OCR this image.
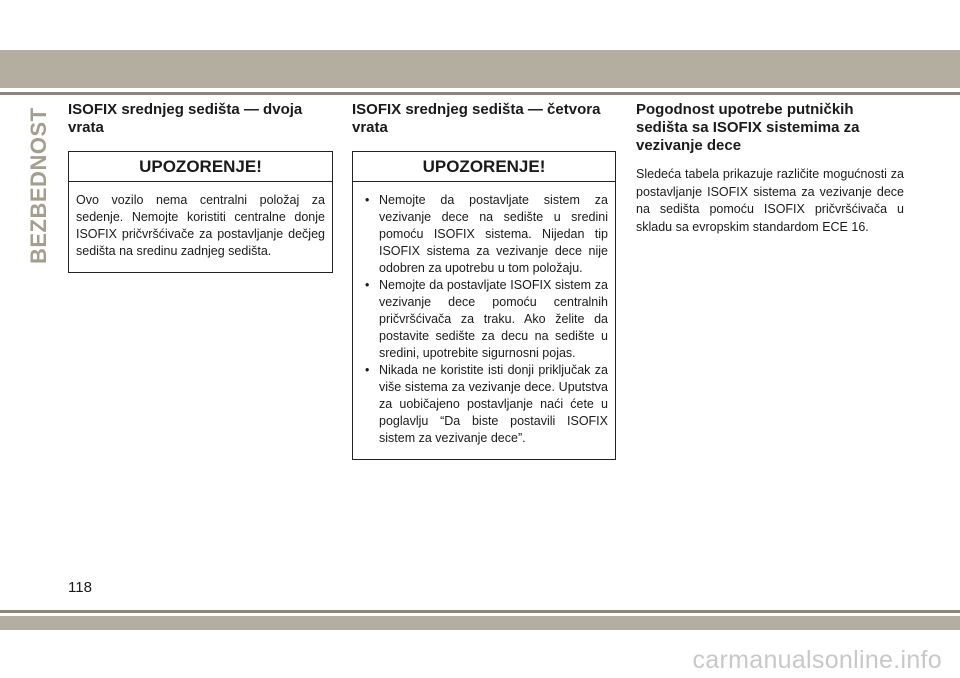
BEZBEDNOST ISOFIX srednjeg sedišta — dvoja vrata
UPOZORENJE!
Ovo vozilo nema centralni položaj za sedenje. Nemojte koristiti centralne donje ISOFIX pričvršćivače za postavljanje dečjeg sedišta na sredinu zadnjeg sedišta.
ISOFIX srednjeg sedišta — četvora vrata
UPOZORENJE!
• Nemojte da postavljate sistem za vezivanje dece na sedište u sredini pomoću ISOFIX sistema. Nijedan tip ISOFIX sistema za vezivanje dece nije odobren za upotrebu u tom položaju.
• Nemojte da postavljate ISOFIX sistem za vezivanje dece pomoću centralnih pričvršćivača za traku. Ako želite da postavite sedište za decu na sedište u sredini, upotrebite sigurnosni pojas.
• Nikada ne koristite isti donji priključak za više sistema za vezivanje dece. Uputstva za uobičajeno postavljanje naći ćete u poglavlju “Da biste postavili ISOFIX sistem za vezivanje dece”.
Pogodnost upotrebe putničkih sedišta sa ISOFIX sistemima za vezivanje dece

Sledeća tabela prikazuje različite mogućnosti za postavljanje ISOFIX sistema za vezivanje dece na sedišta pomoću ISOFIX pričvršćivača u skladu sa evropskim standardom ECE 16.

118

carmanualsonline.info
